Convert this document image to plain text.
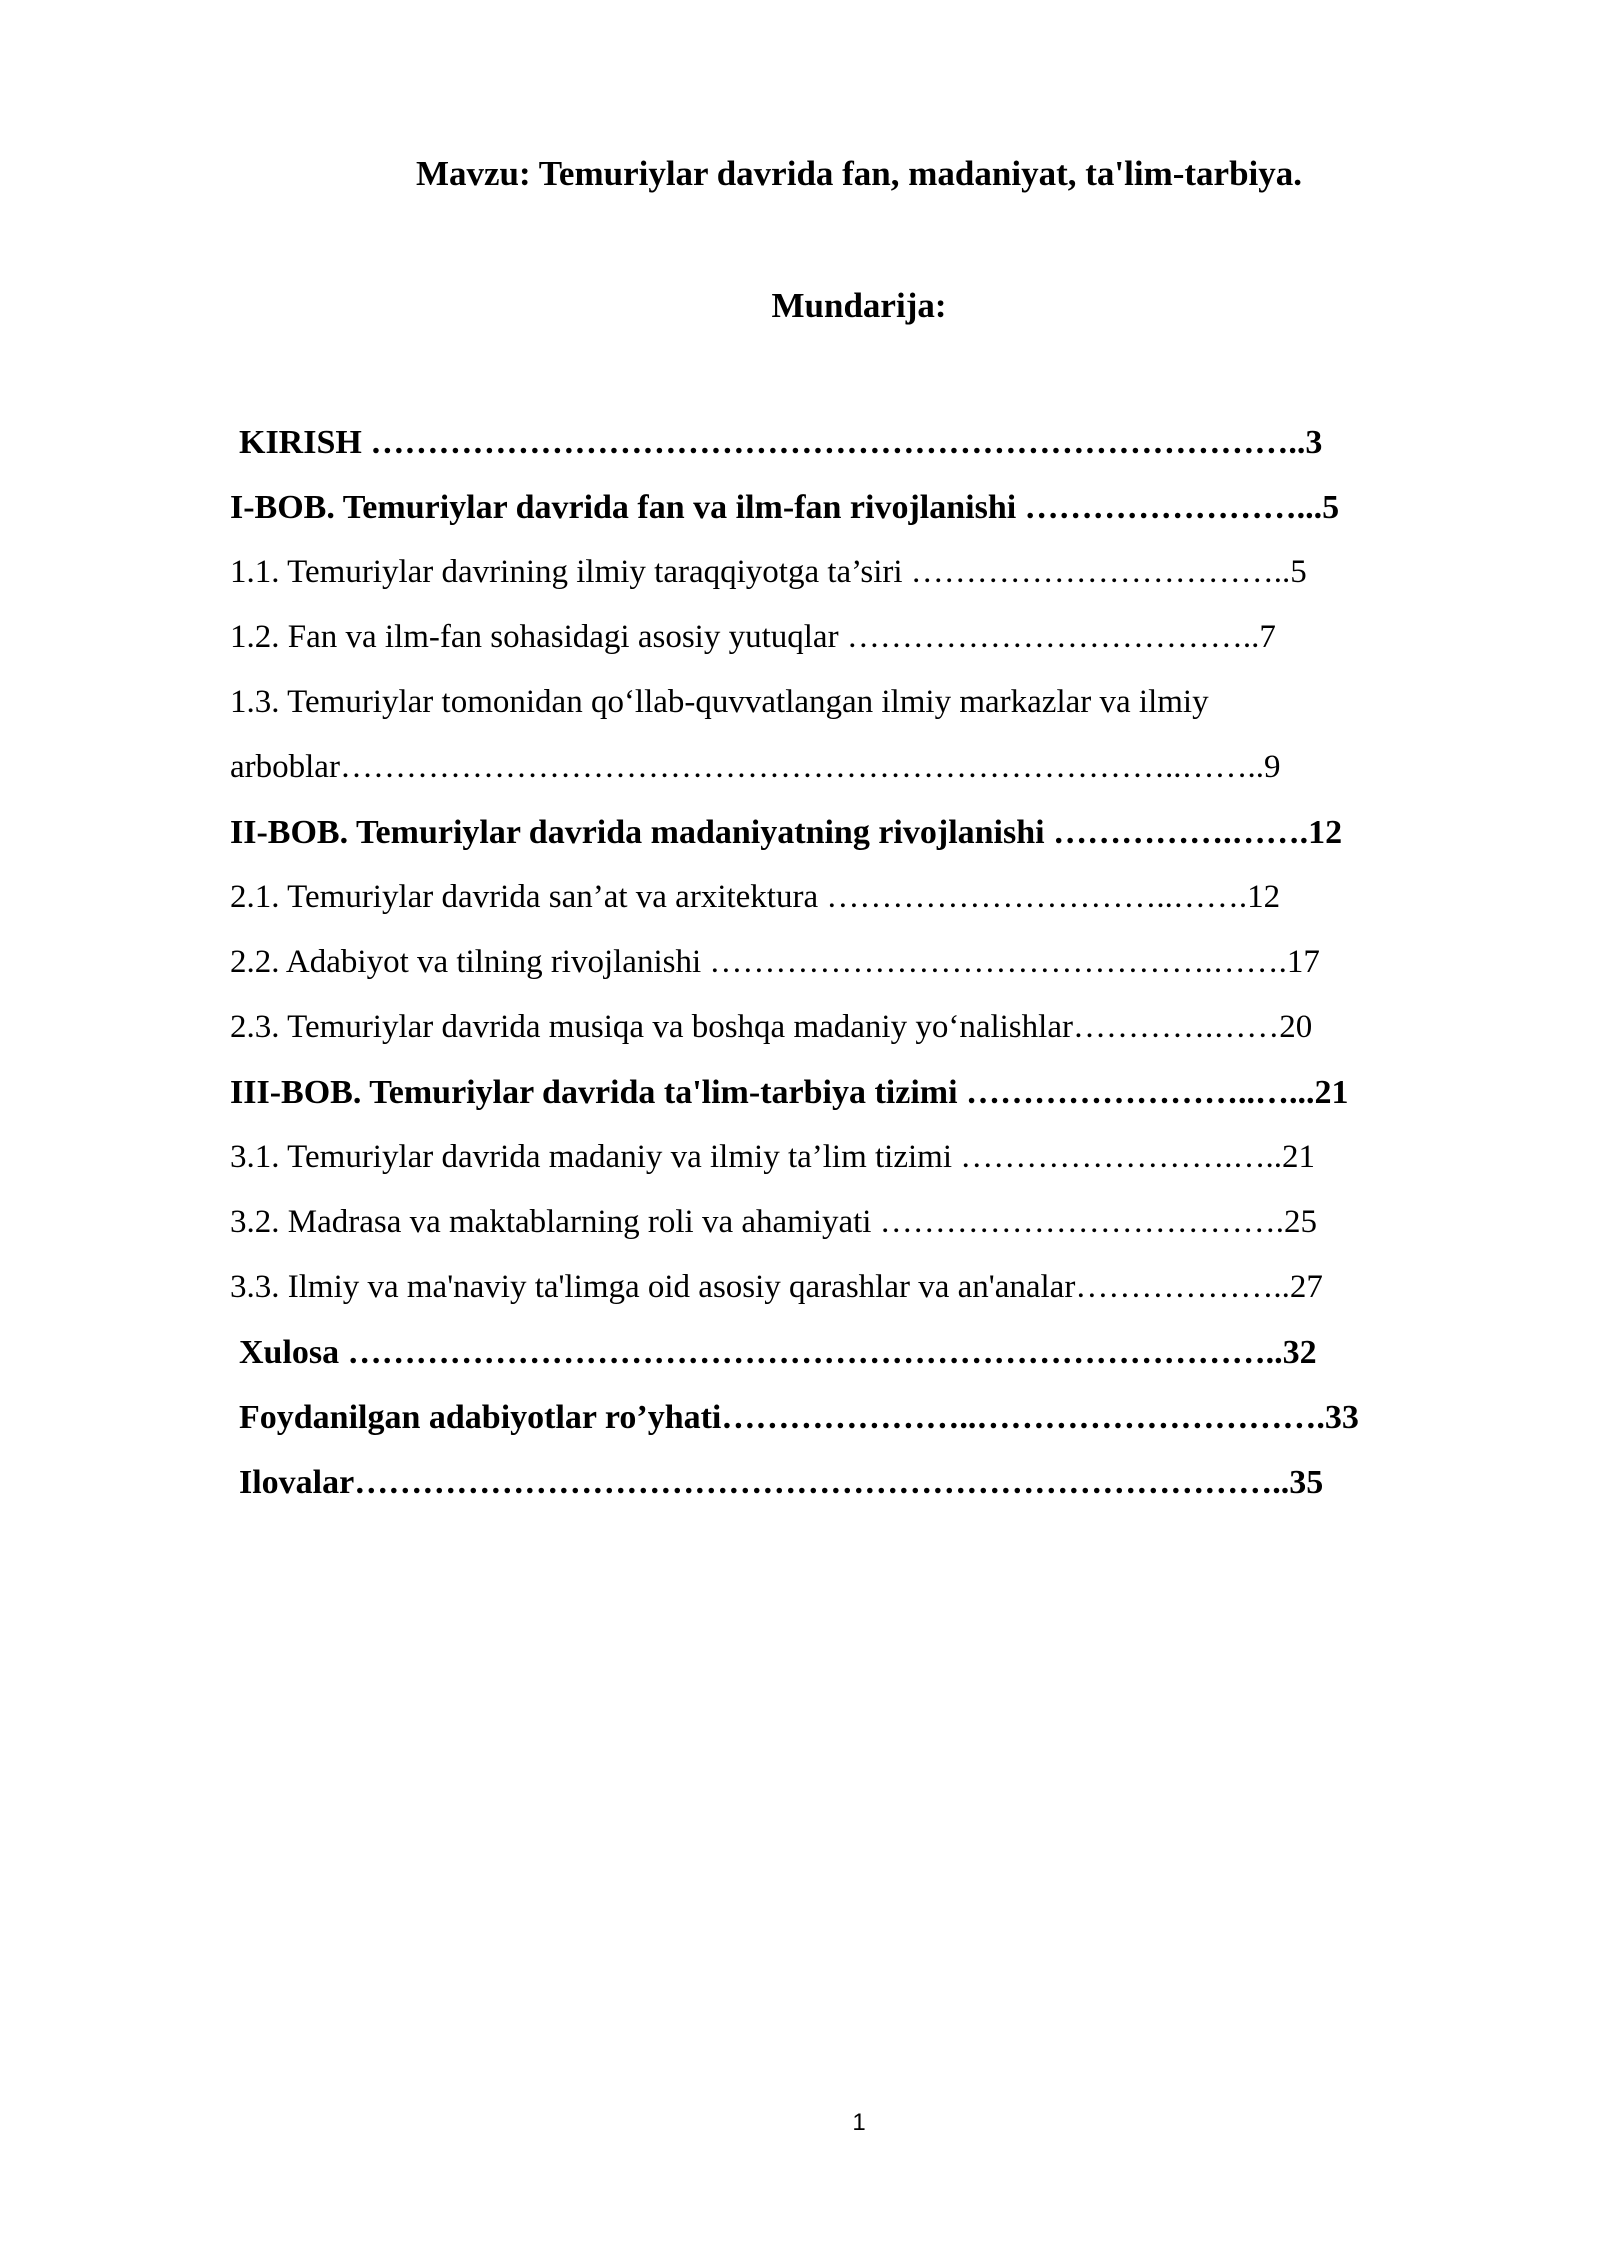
Mavzu: Temuriylar davrida fan, madaniyat, ta'lim-tarbiya.
Mundarija:
KIRISH ………………………………………………………………………..3
I-BOB. Temuriylar davrida fan va ilm-fan rivojlanishi ……………………...5
1.1. Temuriylar davrining ilmiy taraqqiyotga ta’siri ……………………………..5
1.2. Fan va ilm-fan sohasidagi asosiy yutuqlar ………………………………..7
1.3. Temuriylar tomonidan qo‘llab-quvvatlangan ilmiy markazlar va ilmiy
arboblar…………………………………………………………………..……..9
II-BOB. Temuriylar davrida madaniyatning rivojlanishi …………….…….12
2.1. Temuriylar davrida san’at va arxitektura …………………………..…….12
2.2. Adabiyot va tilning rivojlanishi ……………………………………….…….17
2.3. Temuriylar davrida musiqa va boshqa madaniy yo‘nalishlar………….……20
III-BOB. Temuriylar davrida ta'lim-tarbiya tizimi ……………………..…...21
3.1. Temuriylar davrida madaniy va ilmiy ta’lim tizimi …………………….…..21
3.2. Madrasa va maktablarning roli va ahamiyati ……………………………….25
3.3. Ilmiy va ma'naviy ta'limga oid asosiy qarashlar va an'analar………………..27
Xulosa ………………………………………………………………………..32
Foydanilgan adabiyotlar ro’yhati…………………..………………………….33
Ilovalar………………………………………………………………………..35
1
